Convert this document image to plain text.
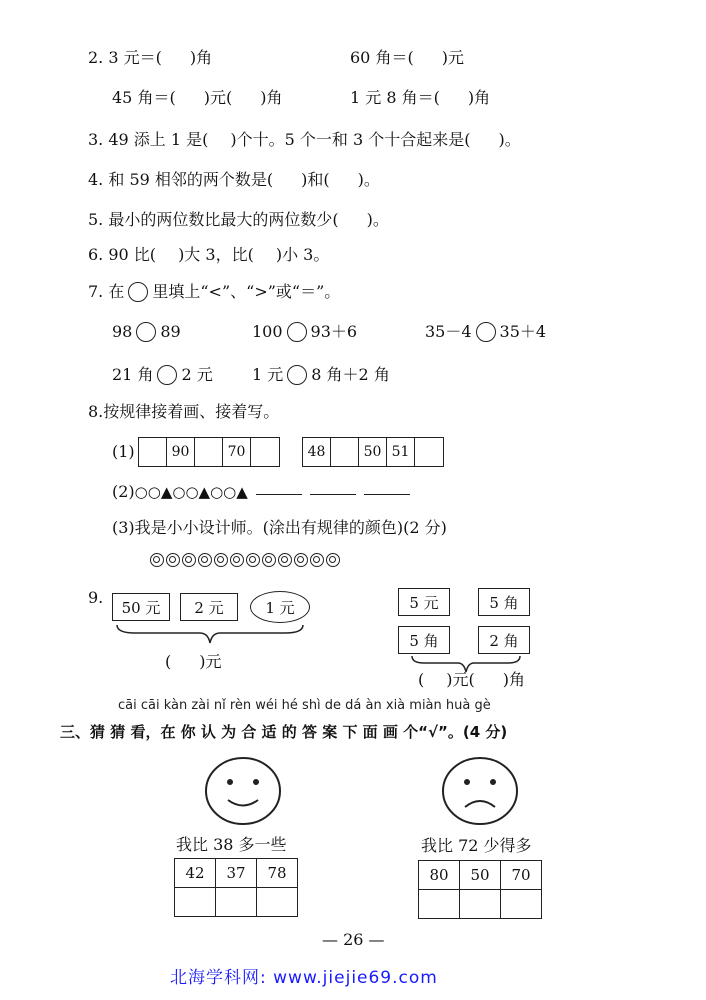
2. 3 元＝( )角	60 角＝( )元
45 角＝( )元( )角	1 元 8 角＝( )角
3. 49 添上 1 是( )个十。5 个一和 3 个十合起来是( )。
4. 和 59 相邻的两个数是( )和( )。
5. 最小的两位数比最大的两位数少( )。
6. 90 比( )大 3，比( )小 3。
7. 在 里填上“<”、“>”或“＝”。
98 89	100 93＋6	35－4 35＋4
21 角 2 元 1 元 8 角＋2 角
8.按规律接着画、接着写。
(1)	90	70	48	50 51
(2)○○▲○○▲○○▲
(3)我是小小设计师。(涂出有规律的颜色)(2 分)
9.
50 元	2 元	1 元
( )元
5 元	5 角
5 角	2 角
( )元( )角
cāi cāi kàn zài nǐ rèn wéi hé shì de dá àn xià miàn huà gè
三、猜 猜 看，在 你 认 为 合 适 的 答 案 下 面 画 个“√”。(4 分)
我比 38 多一些
42	37	78

我比 72 少得多
80	50	70

— 26 —
北海学科网: www.jiejie69.com
